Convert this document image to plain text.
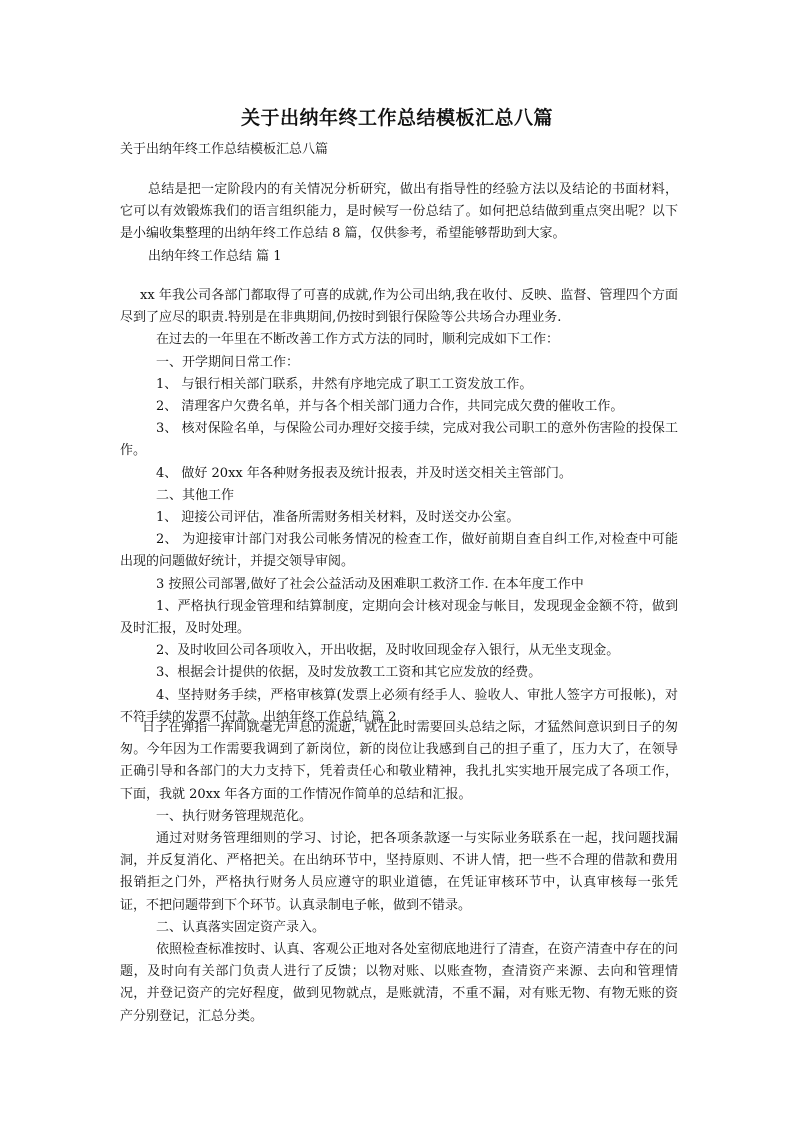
关于出纳年终工作总结模板汇总八篇
关于出纳年终工作总结模板汇总八篇

总结是把一定阶段内的有关情况分析研究，做出有指导性的经验方法以及结论的书面材料，它可以有效锻炼我们的语言组织能力，是时候写一份总结了。如何把总结做到重点突出呢？以下是小编收集整理的出纳年终工作总结 8 篇，仅供参考，希望能够帮助到大家。

出纳年终工作总结 篇 1

xx 年我公司各部门都取得了可喜的成就,作为公司出纳,我在收付、反映、监督、管理四个方面尽到了应尽的职责.特别是在非典期间,仍按时到银行保险等公共场合办理业务.

在过去的一年里在不断改善工作方式方法的同时，顺利完成如下工作：

一、开学期间日常工作：

1、 与银行相关部门联系，井然有序地完成了职工工资发放工作。

2、 清理客户欠费名单，并与各个相关部门通力合作，共同完成欠费的催收工作。

3、 核对保险名单，与保险公司办理好交接手续，完成对我公司职工的意外伤害险的投保工作。

4、 做好 20xx 年各种财务报表及统计报表，并及时送交相关主管部门。

二、其他工作

1、 迎接公司评估，准备所需财务相关材料，及时送交办公室。

2、 为迎接审计部门对我公司帐务情况的检查工作，做好前期自查自纠工作,对检查中可能出现的问题做好统计，并提交领导审阅。

3 按照公司部署,做好了社会公益活动及困难职工救济工作. 在本年度工作中

1、严格执行现金管理和结算制度，定期向会计核对现金与帐目，发现现金金额不符，做到及时汇报，及时处理。

2、及时收回公司各项收入，开出收据，及时收回现金存入银行，从无坐支现金。

3、根据会计提供的依据，及时发放教工工资和其它应发放的经费。

4、坚持财务手续，严格审核算(发票上必须有经手人、验收人、审批人签字方可报帐)，对不符手续的发票不付款。出纳年终工作总结 篇 2

日子在弹指一挥间就毫无声息的流逝，就在此时需要回头总结之际，才猛然间意识到日子的匆匆。今年因为工作需要我调到了新岗位，新的岗位让我感到自己的担子重了，压力大了，在领导正确引导和各部门的大力支持下，凭着责任心和敬业精神，我扎扎实实地开展完成了各项工作，下面，我就 20xx 年各方面的工作情况作简单的总结和汇报。

一、执行财务管理规范化。

通过对财务管理细则的学习、讨论，把各项条款逐一与实际业务联系在一起，找问题找漏洞，并反复消化、严格把关。在出纳环节中，坚持原则、不讲人情，把一些不合理的借款和费用报销拒之门外，严格执行财务人员应遵守的职业道德，在凭证审核环节中，认真审核每一张凭证，不把问题带到下个环节。认真录制电子帐，做到不错录。

二、认真落实固定资产录入。

依照检查标准按时、认真、客观公正地对各处室彻底地进行了清查，在资产清查中存在的问题，及时向有关部门负责人进行了反馈；以物对账、以账查物，查清资产来源、去向和管理情况，并登记资产的完好程度，做到见物就点，是账就清，不重不漏，对有账无物、有物无账的资产分别登记，汇总分类。
